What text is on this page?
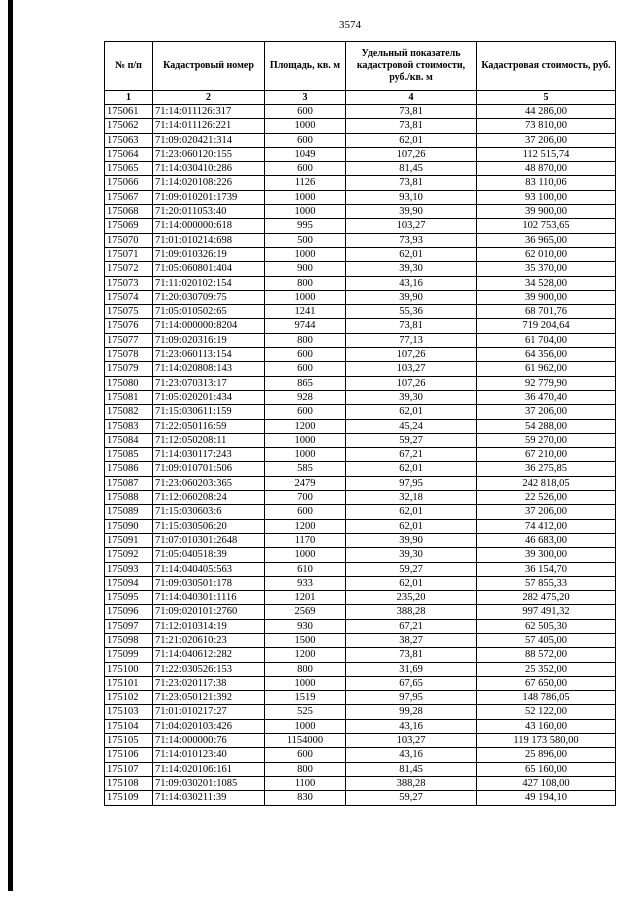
3574
№ п/п	Кадастровый номер	Площадь, кв. м	Удельный показатель кадастровой стоимости, руб./кв. м	Кадастровая стоимость, руб.
1	2	3	4	5
175061	71:14:011126:317	600	73,81	44 286,00
175062	71:14:011126:221	1000	73,81	73 810,00
175063	71:09:020421:314	600	62,01	37 206,00
175064	71:23:060120:155	1049	107,26	112 515,74
175065	71:14:030410:286	600	81,45	48 870,00
175066	71:14:020108:226	1126	73,81	83 110,06
175067	71:09:010201:1739	1000	93,10	93 100,00
175068	71:20:011053:40	1000	39,90	39 900,00
175069	71:14:000000:618	995	103,27	102 753,65
175070	71:01:010214:698	500	73,93	36 965,00
175071	71:09:010326:19	1000	62,01	62 010,00
175072	71:05:060801:404	900	39,30	35 370,00
175073	71:11:020102:154	800	43,16	34 528,00
175074	71:20:030709:75	1000	39,90	39 900,00
175075	71:05:010502:65	1241	55,36	68 701,76
175076	71:14:000000:8204	9744	73,81	719 204,64
175077	71:09:020316:19	800	77,13	61 704,00
175078	71:23:060113:154	600	107,26	64 356,00
175079	71:14:020808:143	600	103,27	61 962,00
175080	71:23:070313:17	865	107,26	92 779,90
175081	71:05:020201:434	928	39,30	36 470,40
175082	71:15:030611:159	600	62,01	37 206,00
175083	71:22:050116:59	1200	45,24	54 288,00
175084	71:12:050208:11	1000	59,27	59 270,00
175085	71:14:030117:243	1000	67,21	67 210,00
175086	71:09:010701:506	585	62,01	36 275,85
175087	71:23:060203:365	2479	97,95	242 818,05
175088	71:12:060208:24	700	32,18	22 526,00
175089	71:15:030603:6	600	62,01	37 206,00
175090	71:15:030506:20	1200	62,01	74 412,00
175091	71:07:010301:2648	1170	39,90	46 683,00
175092	71:05:040518:39	1000	39,30	39 300,00
175093	71:14:040405:563	610	59,27	36 154,70
175094	71:09:030501:178	933	62,01	57 855,33
175095	71:14:040301:1116	1201	235,20	282 475,20
175096	71:09:020101:2760	2569	388,28	997 491,32
175097	71:12:010314:19	930	67,21	62 505,30
175098	71:21:020610:23	1500	38,27	57 405,00
175099	71:14:040612:282	1200	73,81	88 572,00
175100	71:22:030526:153	800	31,69	25 352,00
175101	71:23:020117:38	1000	67,65	67 650,00
175102	71:23:050121:392	1519	97,95	148 786,05
175103	71:01:010217:27	525	99,28	52 122,00
175104	71:04:020103:426	1000	43,16	43 160,00
175105	71:14:000000:76	1154000	103,27	119 173 580,00
175106	71:14:010123:40	600	43,16	25 896,00
175107	71:14:020106:161	800	81,45	65 160,00
175108	71:09:030201:1085	1100	388,28	427 108,00
175109	71:14:030211:39	830	59,27	49 194,10
